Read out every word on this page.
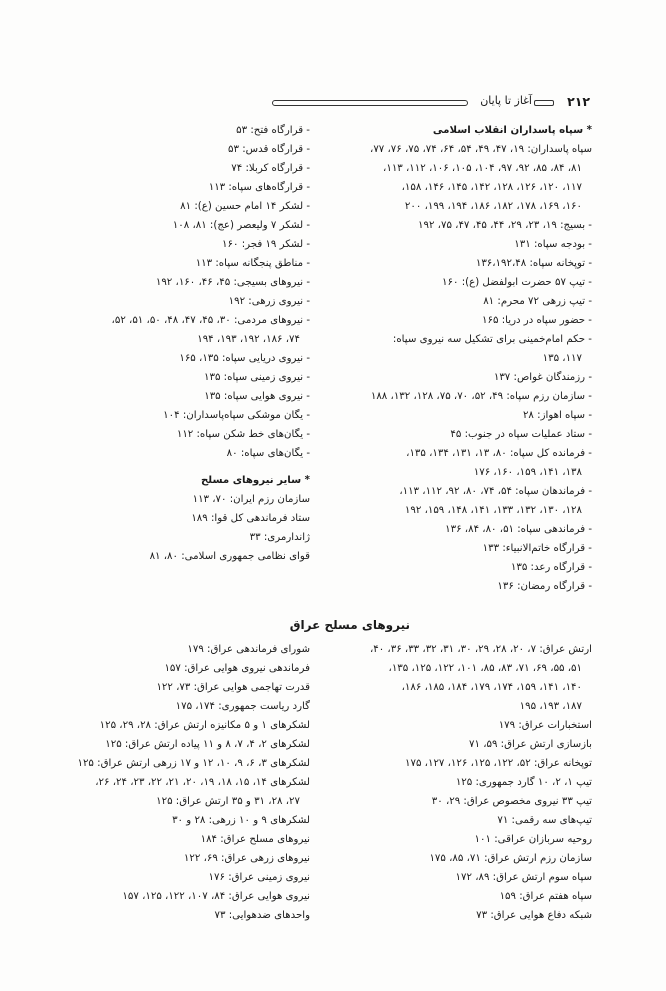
۲۱۲
آغاز تا پایان
* سپاه پاسداران انقلاب اسلامی
سپاه پاسداران: ۱۹، ۴۷، ۴۹، ۵۴، ۶۴، ۷۴، ۷۵، ۷۶، ۷۷،
۸۱، ۸۴، ۸۵، ۹۲، ۹۷، ۱۰۴، ۱۰۵، ۱۰۶، ۱۱۲، ۱۱۳،
۱۱۷، ۱۲۰، ۱۲۶، ۱۲۸، ۱۴۲، ۱۴۵، ۱۴۶، ۱۵۸،
۱۶۰، ۱۶۹، ۱۷۸، ۱۸۲، ۱۸۶، ۱۹۴، ۱۹۹، ۲۰۰
- بسیج: ۱۹، ۲۳، ۲۹، ۴۴، ۴۵، ۴۷، ۷۵، ۱۹۲
- بودجه سپاه: ۱۳۱
- توپخانه سپاه: ۱۳۶،۱۹۲،۴۸
- تیپ ۵۷ حضرت ابولفضل (ع): ۱۶۰
- تیپ زرهی ۷۲ محرم: ۸۱
- حضور سپاه در دریا: ۱۶۵
- حکم امام‌خمینی برای تشکیل سه نیروی سپاه:
۱۱۷، ۱۳۵
- رزمندگان غواص: ۱۳۷
- سازمان رزم سپاه: ۴۹، ۵۲، ۷۰، ۷۵، ۱۲۸، ۱۳۲، ۱۸۸
- سپاه اهواز: ۲۸
- ستاد عملیات سپاه در جنوب: ۴۵
- فرمانده کل سپاه: ۸۰، ۱۳، ۱۳۱، ۱۳۴، ۱۳۵،
۱۳۸، ۱۴۱، ۱۵۹، ۱۶۰، ۱۷۶
- فرماندهان سپاه: ۵۴، ۷۴، ۸۰، ۹۲، ۱۱۲، ۱۱۳،
۱۲۸، ۱۳۰، ۱۳۲، ۱۳۳، ۱۴۱، ۱۴۸، ۱۵۹، ۱۹۲
- فرماندهی سپاه: ۵۱، ۸۰، ۸۴، ۱۳۶
- قرارگاه خاتم‌الانبیاء: ۱۳۳
- قرارگاه رعد: ۱۳۵
- قرارگاه رمضان: ۱۳۶
- قرارگاه فتح: ۵۳
- قرارگاه قدس: ۵۳
- قرارگاه کربلا: ۷۴
- قرارگاه‌های سپاه: ۱۱۳
- لشکر ۱۴ امام حسین (ع): ۸۱
- لشکر ۷ ولیعصر (عج): ۸۱، ۱۰۸
- لشکر ۱۹ فجر: ۱۶۰
- مناطق پنجگانه سپاه: ۱۱۳
- نیروهای بسیجی: ۴۵، ۴۶، ۱۶۰، ۱۹۲
- نیروی زرهی: ۱۹۲
- نیروهای مردمی: ۳۰، ۴۵، ۴۷، ۴۸، ۵۰، ۵۱، ۵۲،
۷۴، ۱۸۶، ۱۹۲، ۱۹۳، ۱۹۴
- نیروی دریایی سپاه: ۱۳۵، ۱۶۵
- نیروی زمینی سپاه: ۱۳۵
- نیروی هوایی سپاه: ۱۳۵
- یگان موشکی سپاه‌پاسداران: ۱۰۴
- یگان‌های خط شکن سپاه: ۱۱۲
- یگان‌های سپاه: ۸۰
* سایر نیروهای مسلح
سازمان رزم ایران: ۷۰، ۱۱۳
ستاد فرماندهی کل قوا: ۱۸۹
ژاندارمری: ۳۳
قوای نظامی جمهوری اسلامی: ۸۰، ۸۱
نیروهای مسلح عراق
ارتش عراق: ۷، ۲۰، ۲۸، ۲۹، ۳۰، ۳۱، ۳۲، ۳۳، ۳۶، ۴۰،
۵۱، ۵۵، ۶۹، ۷۱، ۸۳، ۸۵، ۱۰۱، ۱۲۲، ۱۲۵، ۱۳۵،
۱۴۰، ۱۴۱، ۱۵۹، ۱۷۴، ۱۷۹، ۱۸۴، ۱۸۵، ۱۸۶،
۱۸۷، ۱۹۳، ۱۹۵
استخبارات عراق: ۱۷۹
بازسازی ارتش عراق: ۵۹، ۷۱
توپخانه عراق: ۵۲، ۱۲۲، ۱۲۵، ۱۲۶، ۱۲۷، ۱۷۵
تیپ ۱، ۲، ۱۰ گارد جمهوری: ۱۲۵
تیپ ۳۳ نیروی مخصوص عراق: ۲۹، ۳۰
تیپ‌های سه رقمی: ۷۱
روحیه سربازان عراقی: ۱۰۱
سازمان رزم ارتش عراق: ۷۱، ۸۵، ۱۷۵
سپاه سوم ارتش عراق: ۸۹، ۱۷۲
سپاه هفتم عراق: ۱۵۹
شبکه دفاع هوایی عراق: ۷۳
شورای فرماندهی عراق: ۱۷۹
فرماندهی نیروی هوایی عراق: ۱۵۷
قدرت تهاجمی هوایی عراق: ۷۳، ۱۲۲
گارد ریاست جمهوری: ۱۷۴، ۱۷۵
لشکرهای ۱ و ۵ مکانیزه ارتش عراق: ۲۸، ۲۹، ۱۲۵
لشکرهای ۲، ۴، ۷، ۸ و ۱۱ پیاده ارتش عراق: ۱۲۵
لشکرهای ۳، ۶، ۹، ۱۰، ۱۲ و ۱۷ زرهی ارتش عراق: ۱۲۵
لشکرهای ۱۴، ۱۵، ۱۸، ۱۹، ۲۰، ۲۱، ۲۲، ۲۳، ۲۴، ۲۶،
۲۷، ۲۸، ۳۱ و ۳۵ ارتش عراق: ۱۲۵
لشکرهای ۹ و ۱۰ زرهی: ۲۸ و ۳۰
نیروهای مسلح عراق: ۱۸۴
نیروهای زرهی عراق: ۶۹، ۱۲۲
نیروی زمینی عراق: ۱۷۶
نیروی هوایی عراق: ۸۴، ۱۰۷، ۱۲۲، ۱۲۵، ۱۵۷
واحدهای ضدهوایی: ۷۳
